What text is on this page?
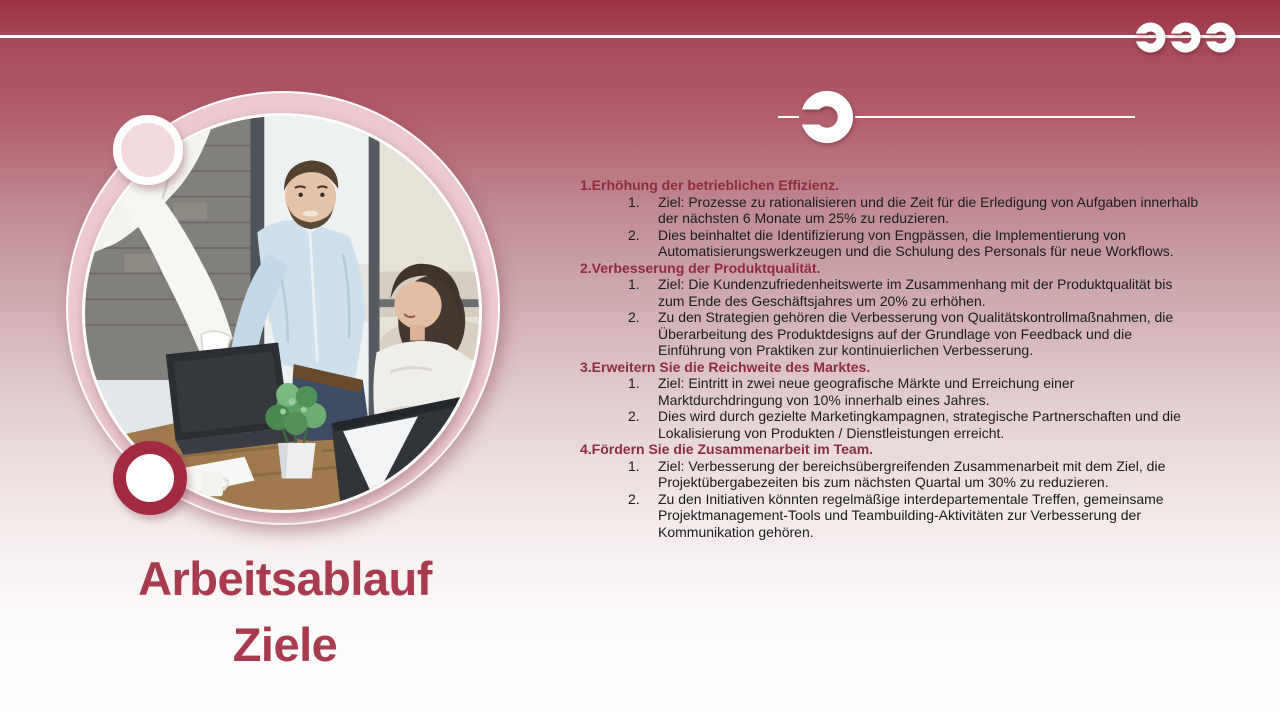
Arbeitsablauf
Ziele
1.Erhöhung der betrieblichen Effizienz.
1.	Ziel: Prozesse zu rationalisieren und die Zeit für die Erledigung von Aufgaben innerhalb der nächsten 6 Monate um 25% zu reduzieren.
2.	Dies beinhaltet die Identifizierung von Engpässen, die Implementierung von Automatisierungswerkzeugen und die Schulung des Personals für neue Workflows.
2.Verbesserung der Produktqualität.
1.	Ziel: Die Kundenzufriedenheitswerte im Zusammenhang mit der Produktqualität bis zum Ende des Geschäftsjahres um 20% zu erhöhen.
2.	Zu den Strategien gehören die Verbesserung von Qualitätskontrollmaßnahmen, die Überarbeitung des Produktdesigns auf der Grundlage von Feedback und die Einführung von Praktiken zur kontinuierlichen Verbesserung.
3.Erweitern Sie die Reichweite des Marktes.
1.	Ziel: Eintritt in zwei neue geografische Märkte und Erreichung einer Marktdurchdringung von 10% innerhalb eines Jahres.
2.	Dies wird durch gezielte Marketingkampagnen, strategische Partnerschaften und die Lokalisierung von Produkten / Dienstleistungen erreicht.
4.Fördern Sie die Zusammenarbeit im Team.
1.	Ziel: Verbesserung der bereichsübergreifenden Zusammenarbeit mit dem Ziel, die Projektübergabezeiten bis zum nächsten Quartal um 30% zu reduzieren.
2.	Zu den Initiativen könnten regelmäßige interdepartementale Treffen, gemeinsame Projektmanagement-Tools und Teambuilding-Aktivitäten zur Verbesserung der Kommunikation gehören.
